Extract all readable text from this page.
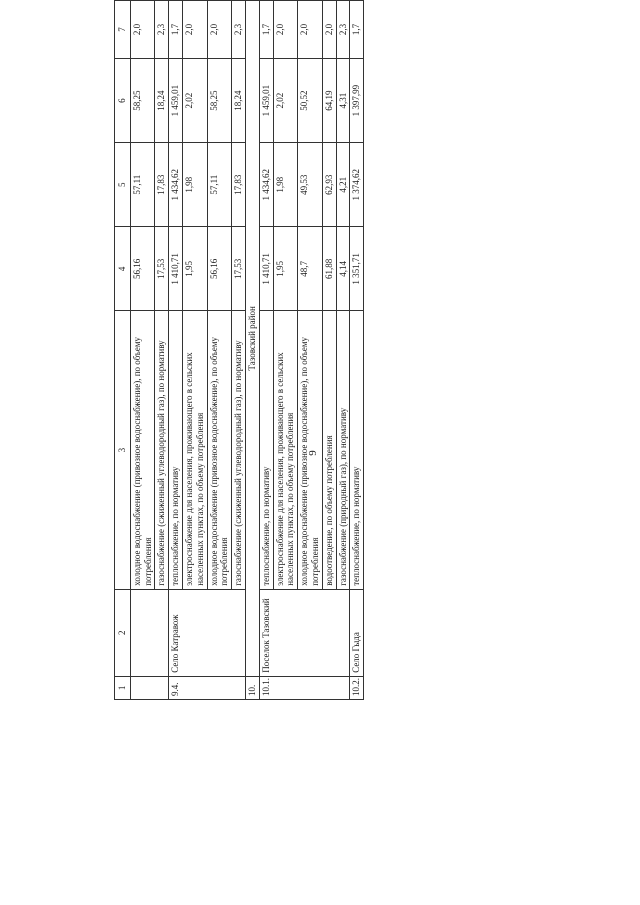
9
1	2	3	4	5	6	7
		холодное водоснабжение (привозное водоснабжение), по объему потребления	56,16	57,11	58,25	2,0
		газоснабжение (сжиженный углеводородный газ), по нормативу	17,53	17,83	18,24	2,3
9.4.	Село Катравож	теплоснабжение, по нормативу	1 410,71	1 434,62	1 459,01	1,7
		электроснабжение для населения, проживающего в сельских населенных пунктах, по объему потребления	1,95	1,98	2,02	2,0
		холодное водоснабжение (привозное водоснабжение), по объему потребления	56,16	57,11	58,25	2,0
		газоснабжение (сжиженный углеводородный газ), по нормативу	17,53	17,83	18,24	2,3
10.	Тазовский район					
10.1.	Поселок Тазовский	теплоснабжение, по нормативу	1 410,71	1 434,62	1 459,01	1,7
		электроснабжение для населения, проживающего в сельских населенных пунктах, по объему потребления	1,95	1,98	2,02	2,0
		холодное водоснабжение (привозное водоснабжение), по объему потребления	48,7	49,53	50,52	2,0
		водоотведение, по объему потребления	61,88	62,93	64,19	2,0
		газоснабжение (природный газ), по нормативу	4,14	4,21	4,31	2,3
10.2.	Село Гыда	теплоснабжение, по нормативу	1 351,71	1 374,62	1 397,99	1,7
